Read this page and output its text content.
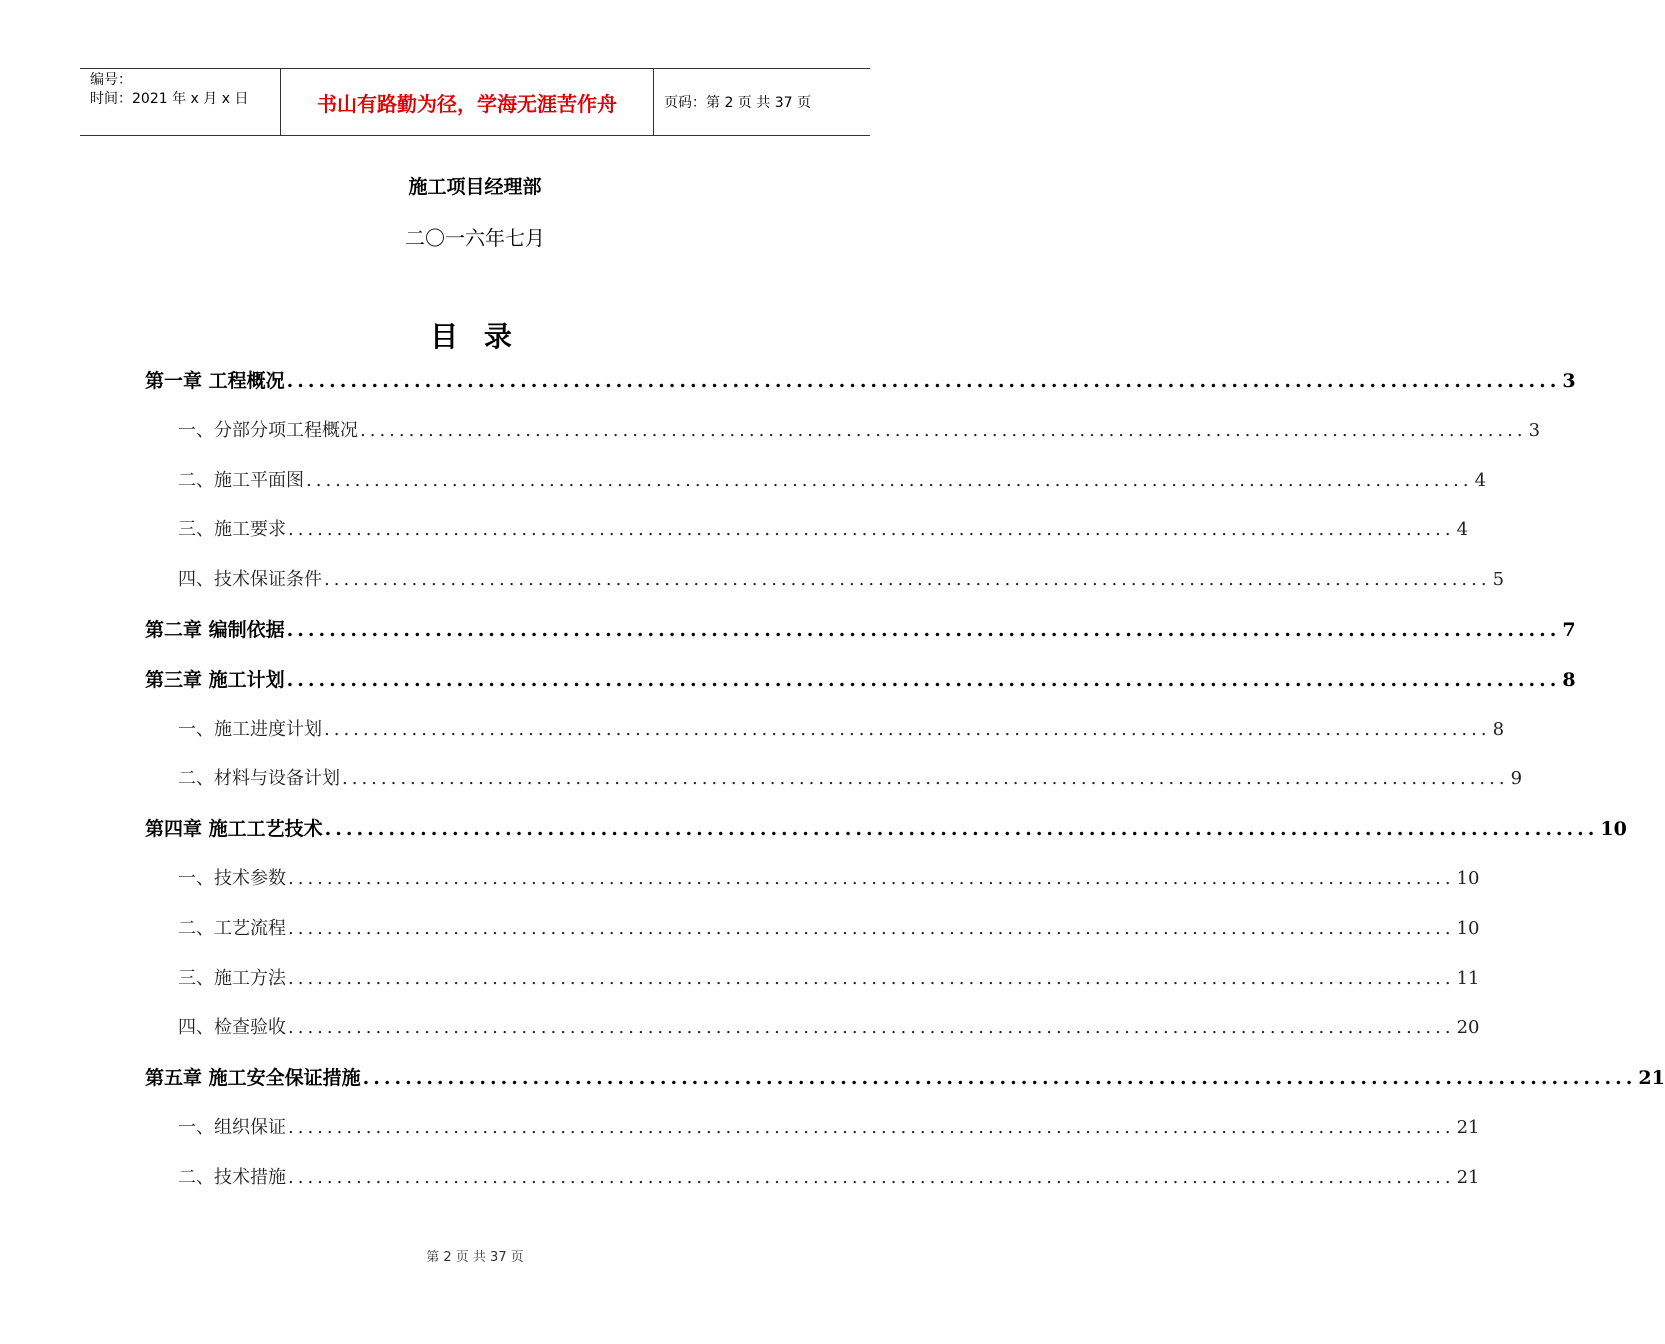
编号：
时间：2021 年 x 月 x 日	书山有路勤为径，学海无涯苦作舟	页码：第 2 页 共 37 页
施工项目经理部
二〇一六年七月
目 录
第一章 工程概况 ........................................................................................................................ 3
一、分部分项工程概况 ........................................................................................................................ 3
二、施工平面图 ........................................................................................................................ 4
三、施工要求 ........................................................................................................................ 4
四、技术保证条件 ........................................................................................................................ 5
第二章 编制依据 ........................................................................................................................ 7
第三章 施工计划 ........................................................................................................................ 8
一、施工进度计划 ........................................................................................................................ 8
二、材料与设备计划 ........................................................................................................................ 9
第四章 施工工艺技术 ........................................................................................................................ 10
一、技术参数 ........................................................................................................................ 10
二、工艺流程 ........................................................................................................................ 10
三、施工方法 ........................................................................................................................ 11
四、检查验收 ........................................................................................................................ 20
第五章 施工安全保证措施 ........................................................................................................................ 21
一、组织保证 ........................................................................................................................ 21
二、技术措施 ........................................................................................................................ 21
第 2 页 共 37 页
